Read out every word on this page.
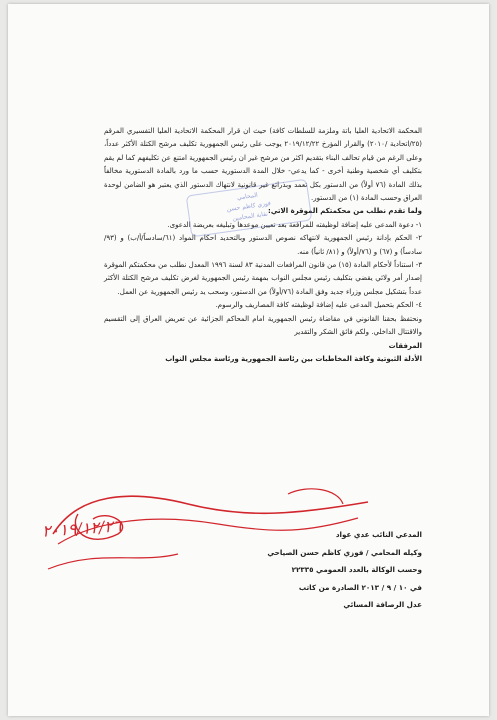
المحكمة الاتحادية العليا باتة وملزمة للسلطات كافة) حيث ان قرار المحكمة الاتحادية العليا التفسيري المرقم (٢٥/اتحادية /٢٠١٠) والقرار المؤرخ ٢٠١٩/١٢/٢٢ يوجب على رئيس الجمهورية تكليف مرشح الكتلة الأكثر عدداً، وعلى الرغم من قيام تحالف البناء بتقديم اكثر من مرشح غير ان رئيس الجمهورية امتنع عن تكليفهم كما لم يقم بتكليف أي شخصية وطنية أخرى - كما يدعي- خلال المدة الدستورية حسب ما ورد بالمادة الدستورية مخالفاً بذلك المادة (٧٦ أولاً) من الدستور بكل تعمد وبذرائع غير قانونية لانتهاك الدستور الذي يعتبر هو الضامن لوحدة العراق وحسب المادة (١) من الدستور.

ولما تقدم نطلب من محكمتكم الموقرة الاتي:

١- دعوة المدعى عليه إضافة لوظيفته للمرافعة بعد تعيين موعدها وتبليغه بعريضة الدعوى.

٢- الحكم بإدانة رئيس الجمهورية لانتهاكه نصوص الدستور وبالتحديد احكام المواد (٦١/سادساً/أ/ب) و (٩٣/سادساً) و (٦٧) و (٧٦/أولاً) و (٨١/ ثانياً) منه.

٣- استناداً لأحكام المادة (١٥) من قانون المرافعات المدنية ٨٣ لسنة ١٩٩٦ المعدل نطلب من محكمتكم الموقرة إصدار أمر ولائي يقضي بتكليف رئيس مجلس النواب بمهمة رئيس الجمهورية لغرض تكليف مرشح الكتلة الأكثر عدداً بتشكيل مجلس وزراء جديد وفق المادة (٧٦/أولاً) من الدستور، وسحب يد رئيس الجمهورية عن العمل.

٤- الحكم بتحميل المدعى عليه إضافة لوظيفته كافة المصاريف والرسوم.

ونحتفظ بحقنا القانوني في مقاضاة رئيس الجمهورية امام المحاكم الجزائية عن تعريض العراق إلى التقسيم والاقتتال الداخلي. ولكم فائق الشكر والتقدير

المرفقات

الأدلة الثبوتية وكافة المخاطبات بين رئاسة الجمهورية ورئاسة مجلس النواب

المحامي
فوزي كاظم حسن
نقابة المحامين
٢٠١٩/١٢/٢٦	المدعي النائب عدي عواد
وكيله المحامي / فوزي كاظم حسن الصياحي
وحسب الوكالة بالعدد العمومي ٢٢٣٣٥
في ١٠ / ٩ / ٢٠١٣ الصادرة من كاتب
عدل الرصافة المسائي
